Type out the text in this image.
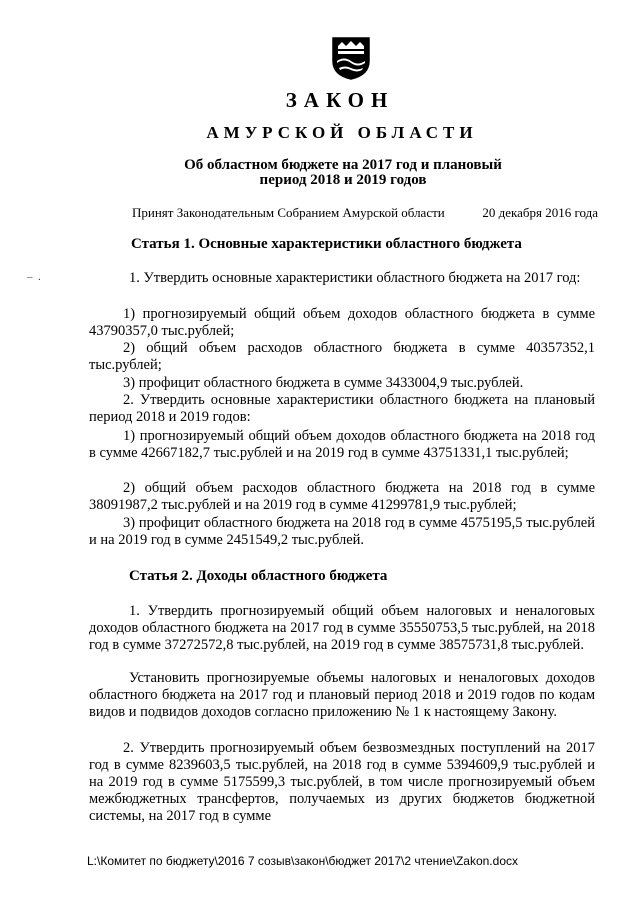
ЗАКОН
АМУРСКОЙ ОБЛАСТИ
Об областном бюджете на 2017 год и плановый
период 2018 и 2019 годов
Принят Законодательным Собранием Амурской области	20 декабря 2016 года
–  .
Статья 1. Основные характеристики областного бюджета
1. Утвердить основные характеристики областного бюджета на 2017 год:
1) прогнозируемый общий объем доходов областного бюджета в сумме 43790357,0 тыс.рублей;
2) общий объем расходов областного бюджета в сумме 40357352,1 тыс.рублей;
3) профицит областного бюджета в сумме 3433004,9 тыс.рублей.
2. Утвердить основные характеристики областного бюджета на плановый период 2018 и 2019 годов:
1) прогнозируемый общий объем доходов областного бюджета на 2018 год в сумме 42667182,7 тыс.рублей и на 2019 год в сумме 43751331,1 тыс.рублей;
2) общий объем расходов областного бюджета на 2018 год в сумме 38091987,2 тыс.рублей и на 2019 год в сумме 41299781,9 тыс.рублей;
3) профицит областного бюджета на 2018 год в сумме 4575195,5 тыс.рублей и на 2019 год в сумме 2451549,2 тыс.рублей.
Статья 2. Доходы областного бюджета
1. Утвердить прогнозируемый общий объем налоговых и неналоговых доходов областного бюджета на 2017 год в сумме 35550753,5 тыс.рублей, на 2018 год в сумме 37272572,8 тыс.рублей, на 2019 год в сумме 38575731,8 тыс.рублей.
Установить прогнозируемые объемы налоговых и неналоговых доходов областного бюджета на 2017 год и плановый период 2018 и 2019 годов по кодам видов и подвидов доходов согласно приложению № 1 к настоящему Закону.
2. Утвердить прогнозируемый объем безвозмездных поступлений на 2017 год в сумме 8239603,5 тыс.рублей, на 2018 год в сумме 5394609,9 тыс.рублей и на 2019 год в сумме 5175599,3 тыс.рублей, в том числе прогнозируемый объем межбюджетных трансфертов, получаемых из других бюджетов бюджетной системы, на 2017 год в сумме
L:\Комитет по бюджету\2016 7 созыв\закон\бюджет 2017\2 чтение\Zakon.docx
